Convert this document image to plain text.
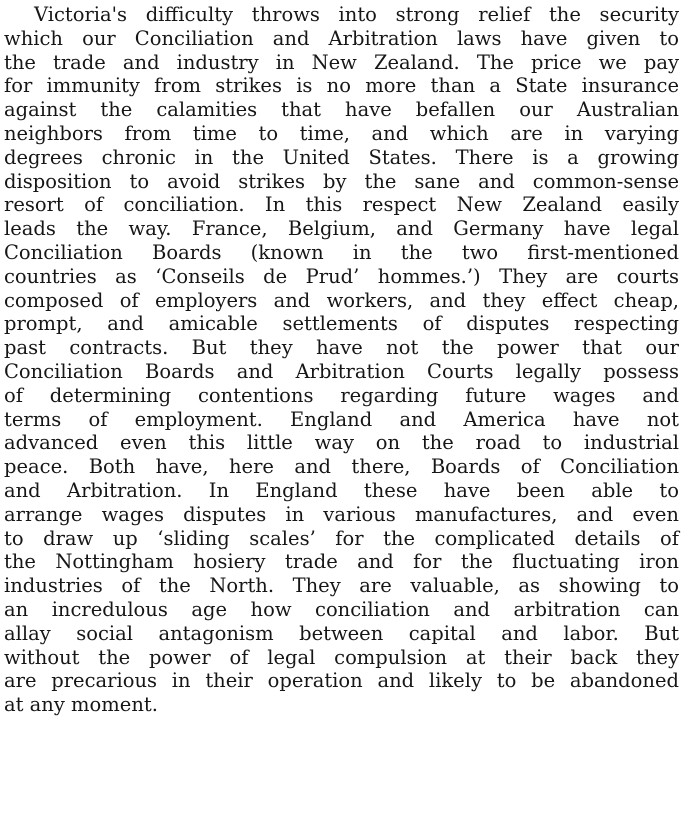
Victoria's difficulty throws into strong relief the security
which our Conciliation and Arbitration laws have given to
the trade and industry in New Zealand. The price we pay
for immunity from strikes is no more than a State insurance
against the calamities that have befallen our Australian
neighbors from time to time, and which are in varying
degrees chronic in the United States. There is a growing
disposition to avoid strikes by the sane and common-sense
resort of conciliation. In this respect New Zealand easily
leads the way. France, Belgium, and Germany have legal
Conciliation Boards (known in the two first-mentioned
countries as ‘Conseils de Prud’ hommes.’) They are courts
composed of employers and workers, and they effect cheap,
prompt, and amicable settlements of disputes respecting
past contracts. But they have not the power that our
Conciliation Boards and Arbitration Courts legally possess
of determining contentions regarding future wages and
terms of employment. England and America have not
advanced even this little way on the road to industrial
peace. Both have, here and there, Boards of Conciliation
and Arbitration. In England these have been able to
arrange wages disputes in various manufactures, and even
to draw up ‘sliding scales’ for the complicated details of
the Nottingham hosiery trade and for the fluctuating iron
industries of the North. They are valuable, as showing to
an incredulous age how conciliation and arbitration can
allay social antagonism between capital and labor. But
without the power of legal compulsion at their back they
are precarious in their operation and likely to be abandoned
at any moment.
